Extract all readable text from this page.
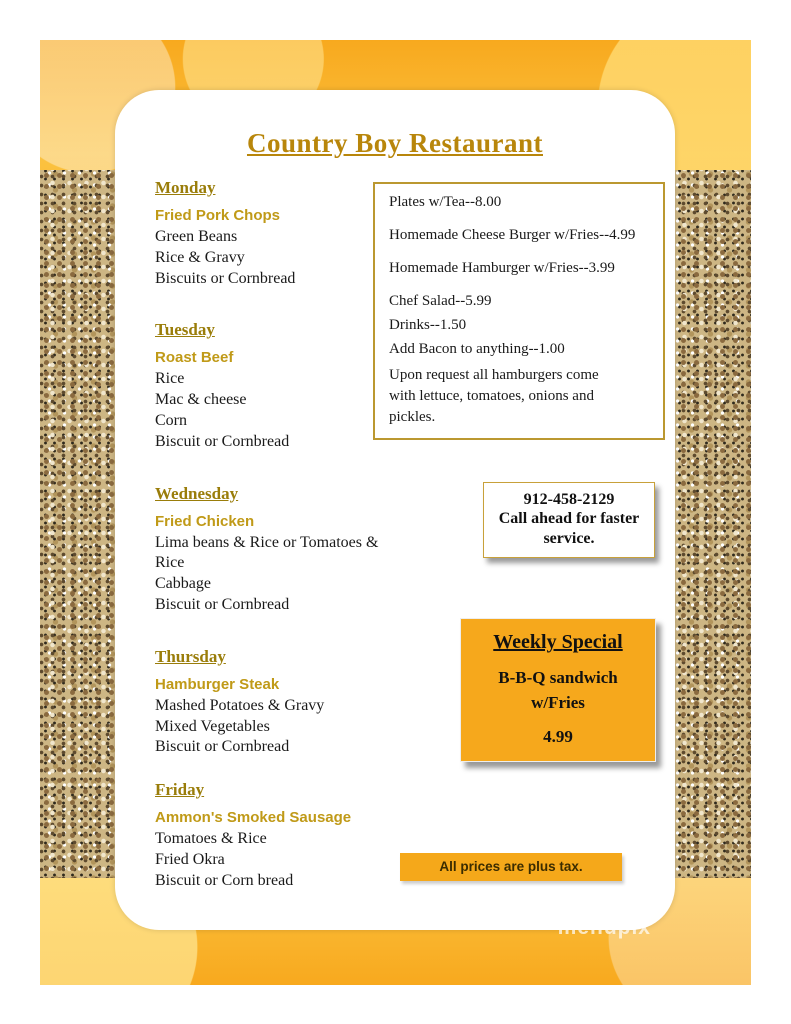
Country Boy Restaurant
Monday
Fried Pork Chops
Green Beans
Rice & Gravy
Biscuits or Cornbread
Tuesday
Roast Beef
Rice
Mac & cheese
Corn
Biscuit or Cornbread
Wednesday
Fried Chicken
Lima beans & Rice or Tomatoes & Rice
Cabbage
Biscuit or Cornbread
Thursday
Hamburger Steak
Mashed Potatoes & Gravy
Mixed Vegetables
Biscuit or Cornbread
Friday
Ammon's Smoked Sausage
Tomatoes & Rice
Fried Okra
Biscuit or Corn bread

Plates w/Tea--8.00

Homemade Cheese Burger w/Fries--4.99

Homemade Hamburger w/Fries--3.99

Chef Salad--5.99

Drinks--1.50

Add Bacon to anything--1.00

Upon request all hamburgers come with lettuce, tomatoes, onions and pickles.

912-458-2129
Call ahead for faster service.
Weekly Special
B-B-Q sandwich
w/Fries
4.99
All prices are plus tax.
menupix
